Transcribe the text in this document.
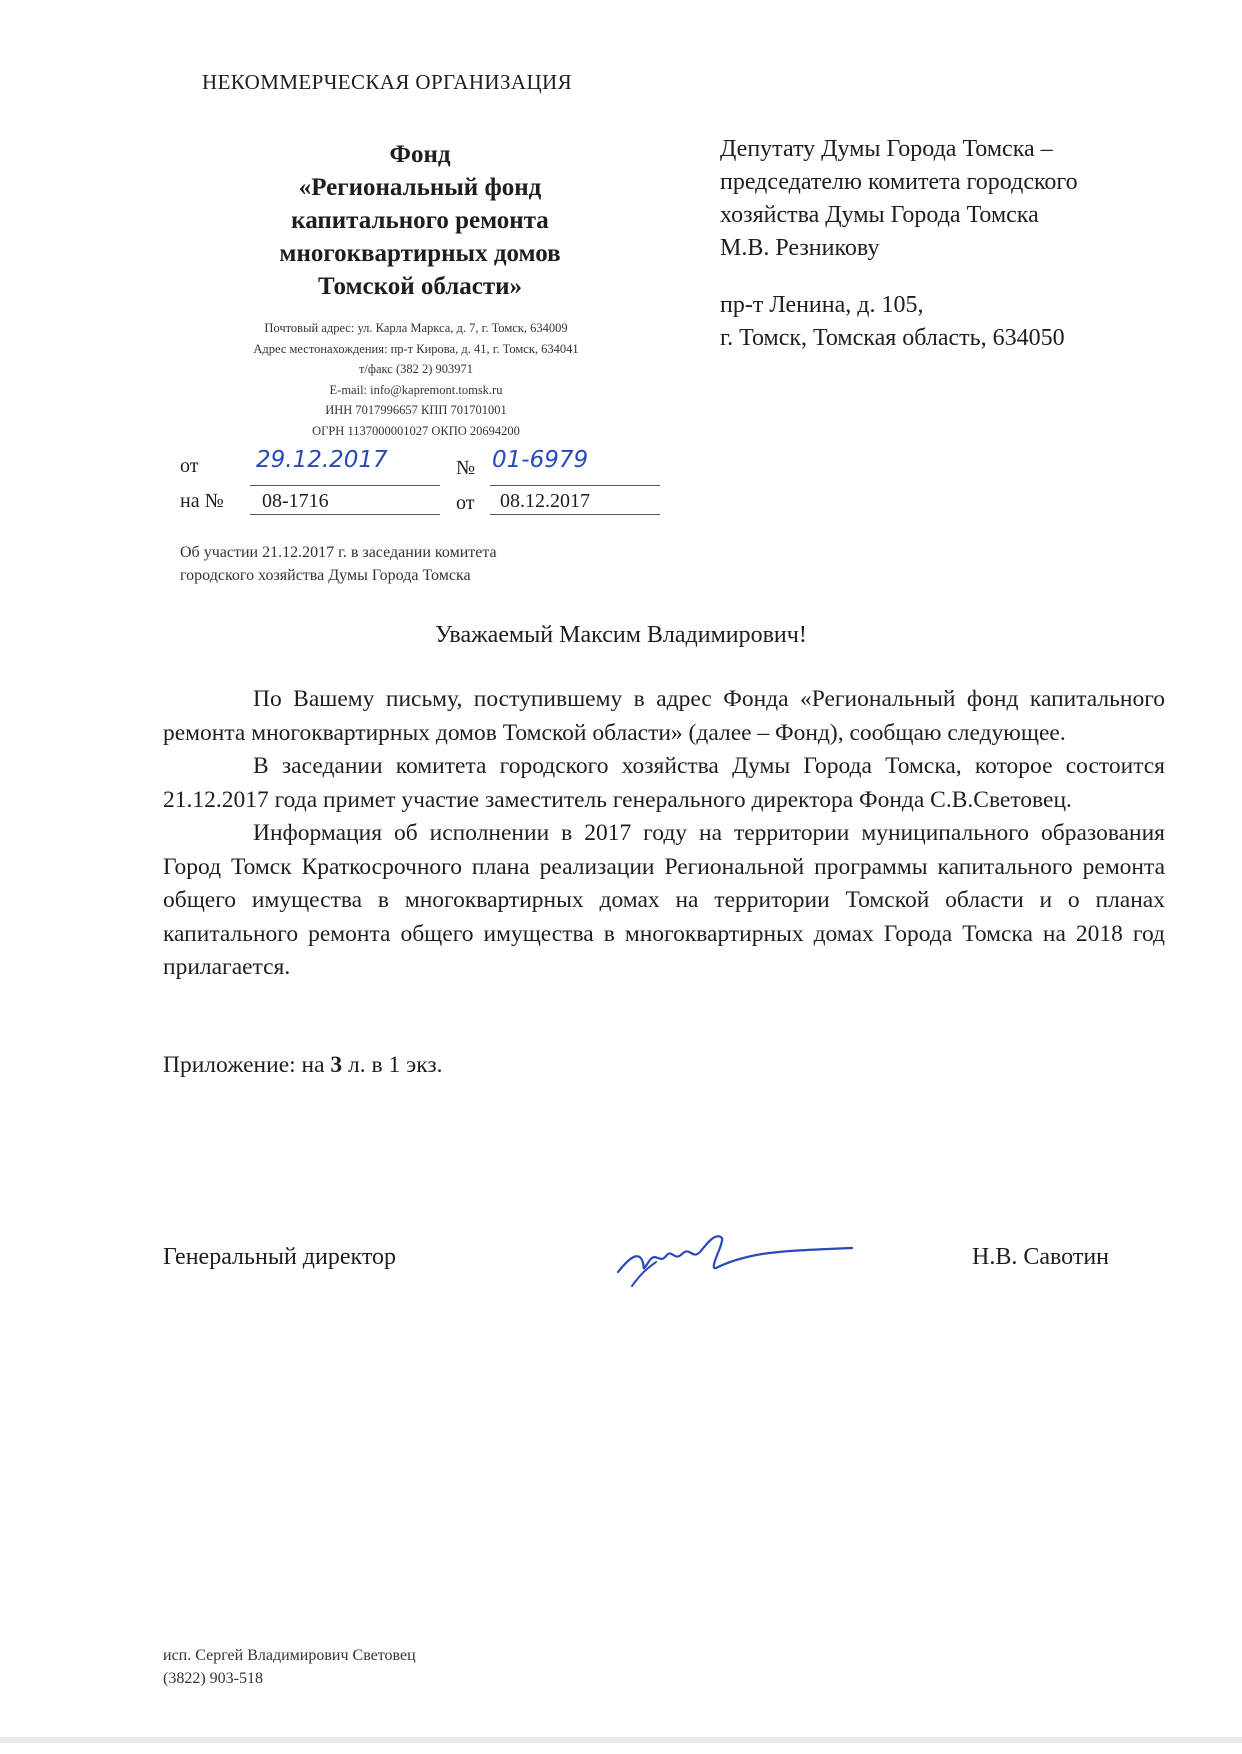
НЕКОММЕРЧЕСКАЯ ОРГАНИЗАЦИЯ
Фонд
«Региональный фонд
капитального ремонта
многоквартирных домов
Томской области»
Почтовый адрес: ул. Карла Маркса, д. 7, г. Томск, 634009
Адрес местонахождения: пр-т Кирова, д. 41, г. Томск, 634041
т/факс (382 2) 903971
E-mail: info@kapremont.tomsk.ru
ИНН 7017996657 КПП 701701001
ОГРН 1137000001027 ОКПО 20694200
Депутату Думы Города Томска –
председателю комитета городского
хозяйства Думы Города Томска
М.В. Резникову
пр-т Ленина, д. 105,
г. Томск, Томская область, 634050
от	29.12.2017	№ 01-6979
на № 08-1716	от 08.12.2017
Об участии 21.12.2017 г. в заседании комитета
городского хозяйства Думы Города Томска
Уважаемый Максим Владимирович!

По Вашему письму, поступившему в адрес Фонда «Региональный фонд капитального ремонта многоквартирных домов Томской области» (далее – Фонд), сообщаю следующее.

В заседании комитета городского хозяйства Думы Города Томска, которое состоится 21.12.2017 года примет участие заместитель генерального директора Фонда С.В.Световец.

Информация об исполнении в 2017 году на территории муниципального образования Город Томск Краткосрочного плана реализации Региональной программы капитального ремонта общего имущества в многоквартирных домах на территории Томской области и о планах капитального ремонта общего имущества в многоквартирных домах Города Томска на 2018 год прилагается.

Приложение: на 3 л. в 1 экз.
Генеральный директор	Н.В. Савотин
исп. Сергей Владимирович Световец
(3822) 903-518
